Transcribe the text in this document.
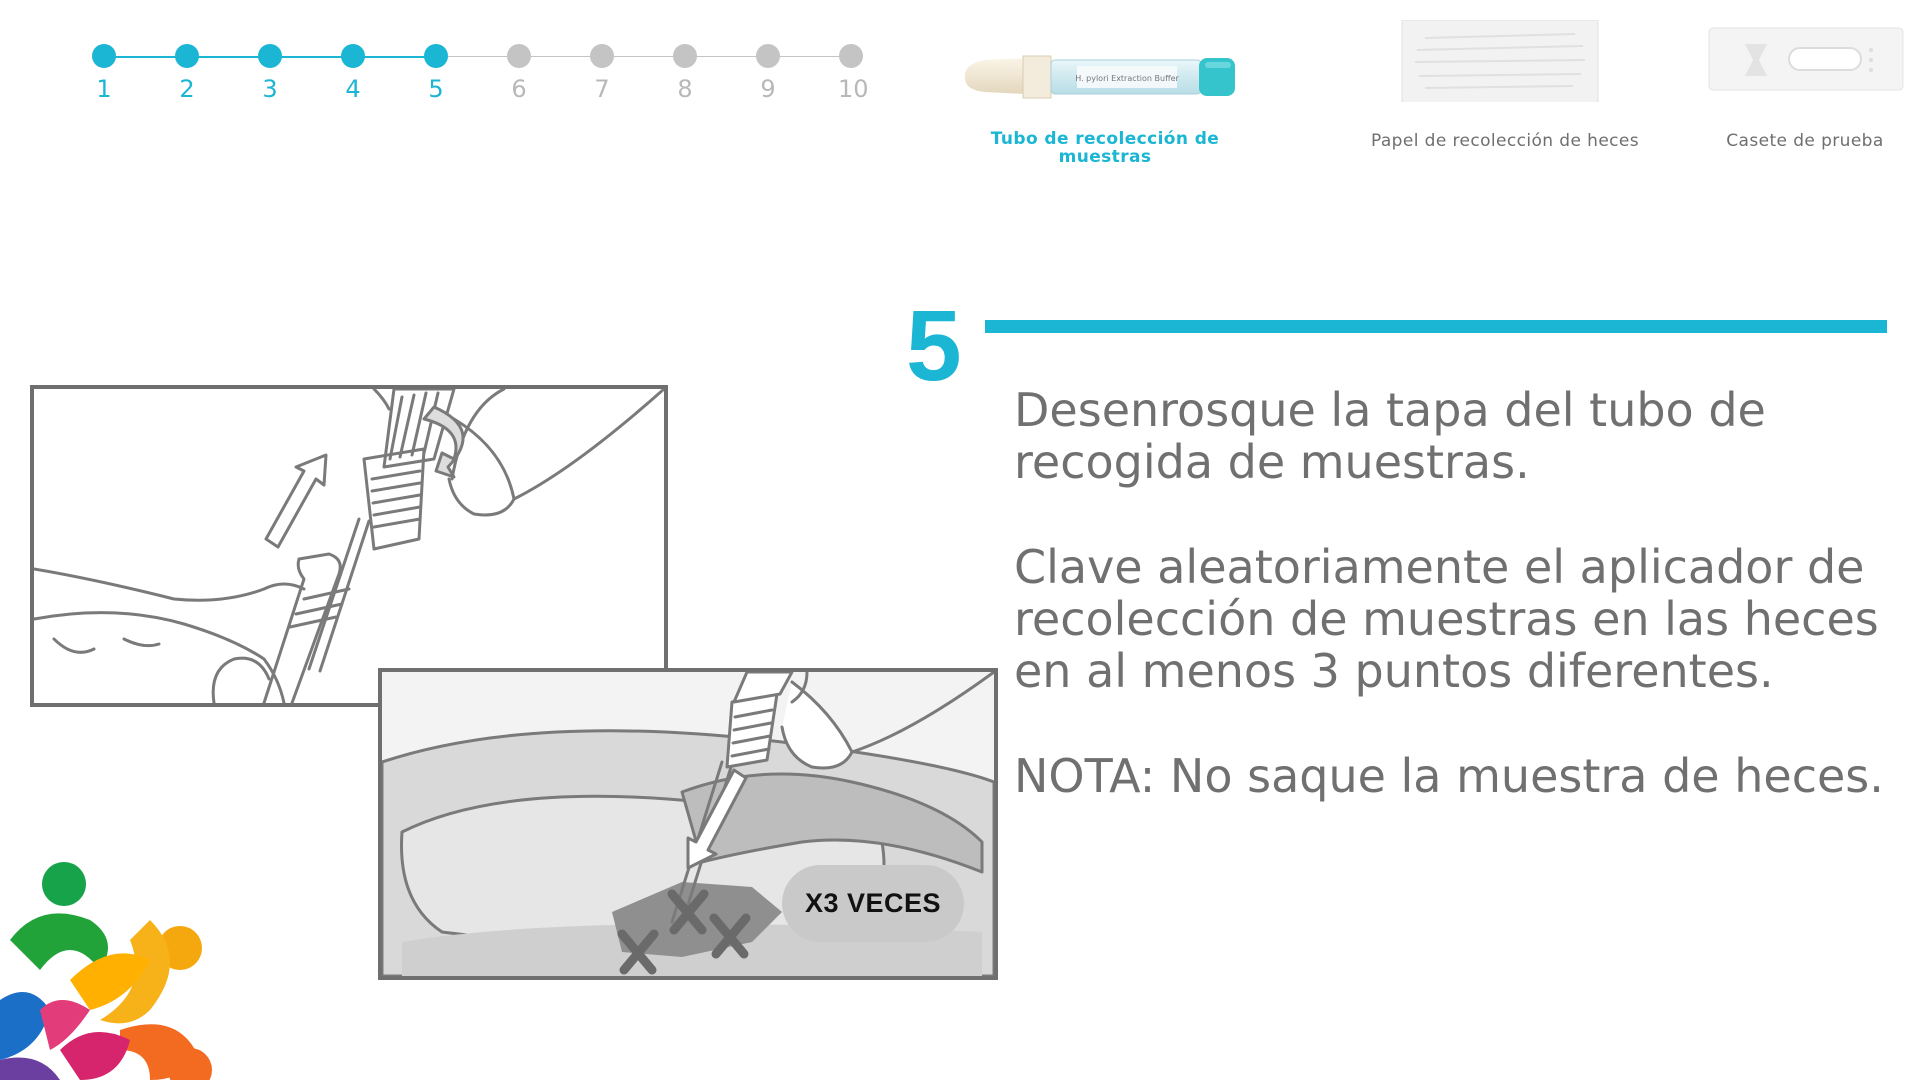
1	2	3	4	5	6	7	8	9	10	H. pylori Extraction Buffer
Tubo de recolección de muestras
Papel de recolección de heces	Casete de prueba
5

Desenrosque la tapa del tubo de recogida de muestras.

Clave aleatoriamente el aplicador de recolección de muestras en las heces en al menos 3 puntos diferentes.

NOTA: No saque la muestra de heces.

X3 VECES
